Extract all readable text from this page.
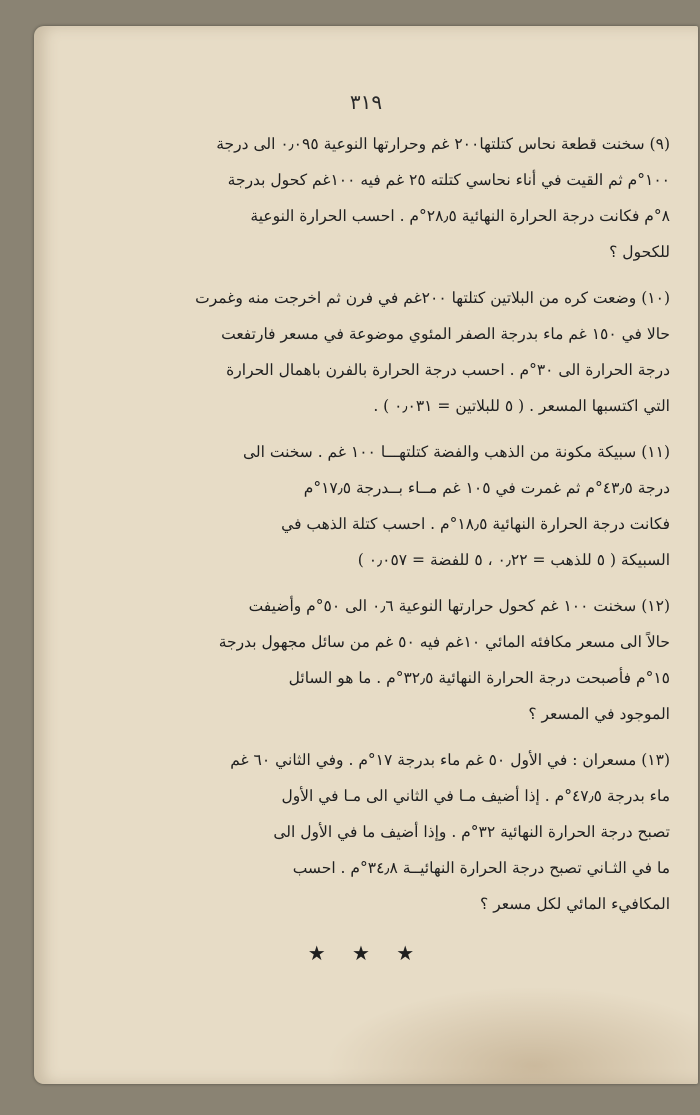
٣١٩
(٩) سخنت قطعة نحاس كتلتها٢٠٠ غم وحرارتها النوعية ٠٫٠٩٥ الى درجة
١٠٠°م ثم القيت في أناء نحاسي كتلته ٢٥ غم فيه ١٠٠غم كحول بدرجة
٨°م فكانت درجة الحرارة النهائية ٢٨٫٥°م . احسب الحرارة النوعية
للكحول ؟
(١٠) وضعت كره من البلاتين كتلتها ٢٠٠غم في فرن ثم اخرجت منه وغمرت
حالا في ١٥٠ غم ماء بدرجة الصفر المئوي موضوعة في مسعر فارتفعت
درجة الحرارة الى ٣٠°م . احسب درجة الحرارة بالفرن باهمال الحرارة
التي اكتسبها المسعر . ( ٥ للبلاتين = ٠٫٠٣١ ) .
(١١) سبيكة مكونة من الذهب والفضة كتلتهـــا ١٠٠ غم . سخنت الى
درجة ٤٣٫٥°م ثم غمرت في ١٠٥ غم مــاء بــدرجة ١٧٫٥°م
فكانت درجة الحرارة النهائية ١٨٫٥°م . احسب كتلة الذهب في
السبيكة ( ٥ للذهب = ٠٫٢٢ ، ٥ للفضة = ٠٫٠٥٧ )
(١٢) سخنت ١٠٠ غم كحول حرارتها النوعية ٠٫٦ الى ٥٠°م وأضيفت
حالاً الى مسعر مكافئه المائي ١٠غم فيه ٥٠ غم من سائل مجهول بدرجة
١٥°م فأصبحت درجة الحرارة النهائية ٣٢٫٥°م . ما هو السائل
الموجود في المسعر ؟
(١٣) مسعران : في الأول ٥٠ غم ماء بدرجة ١٧°م . وفي الثاني ٦٠ غم
ماء بدرجة ٤٧٫٥°م . إذا أضيف مـا في الثاني الى مـا في الأول
تصبح درجة الحرارة النهائية ٣٢°م . وإذا أضيف ما في الأول الى
ما في الثـاني تصبح درجة الحرارة النهائيــة ٣٤٫٨°م . احسب
المكافيء المائي لكل مسعر ؟
★ ★ ★
